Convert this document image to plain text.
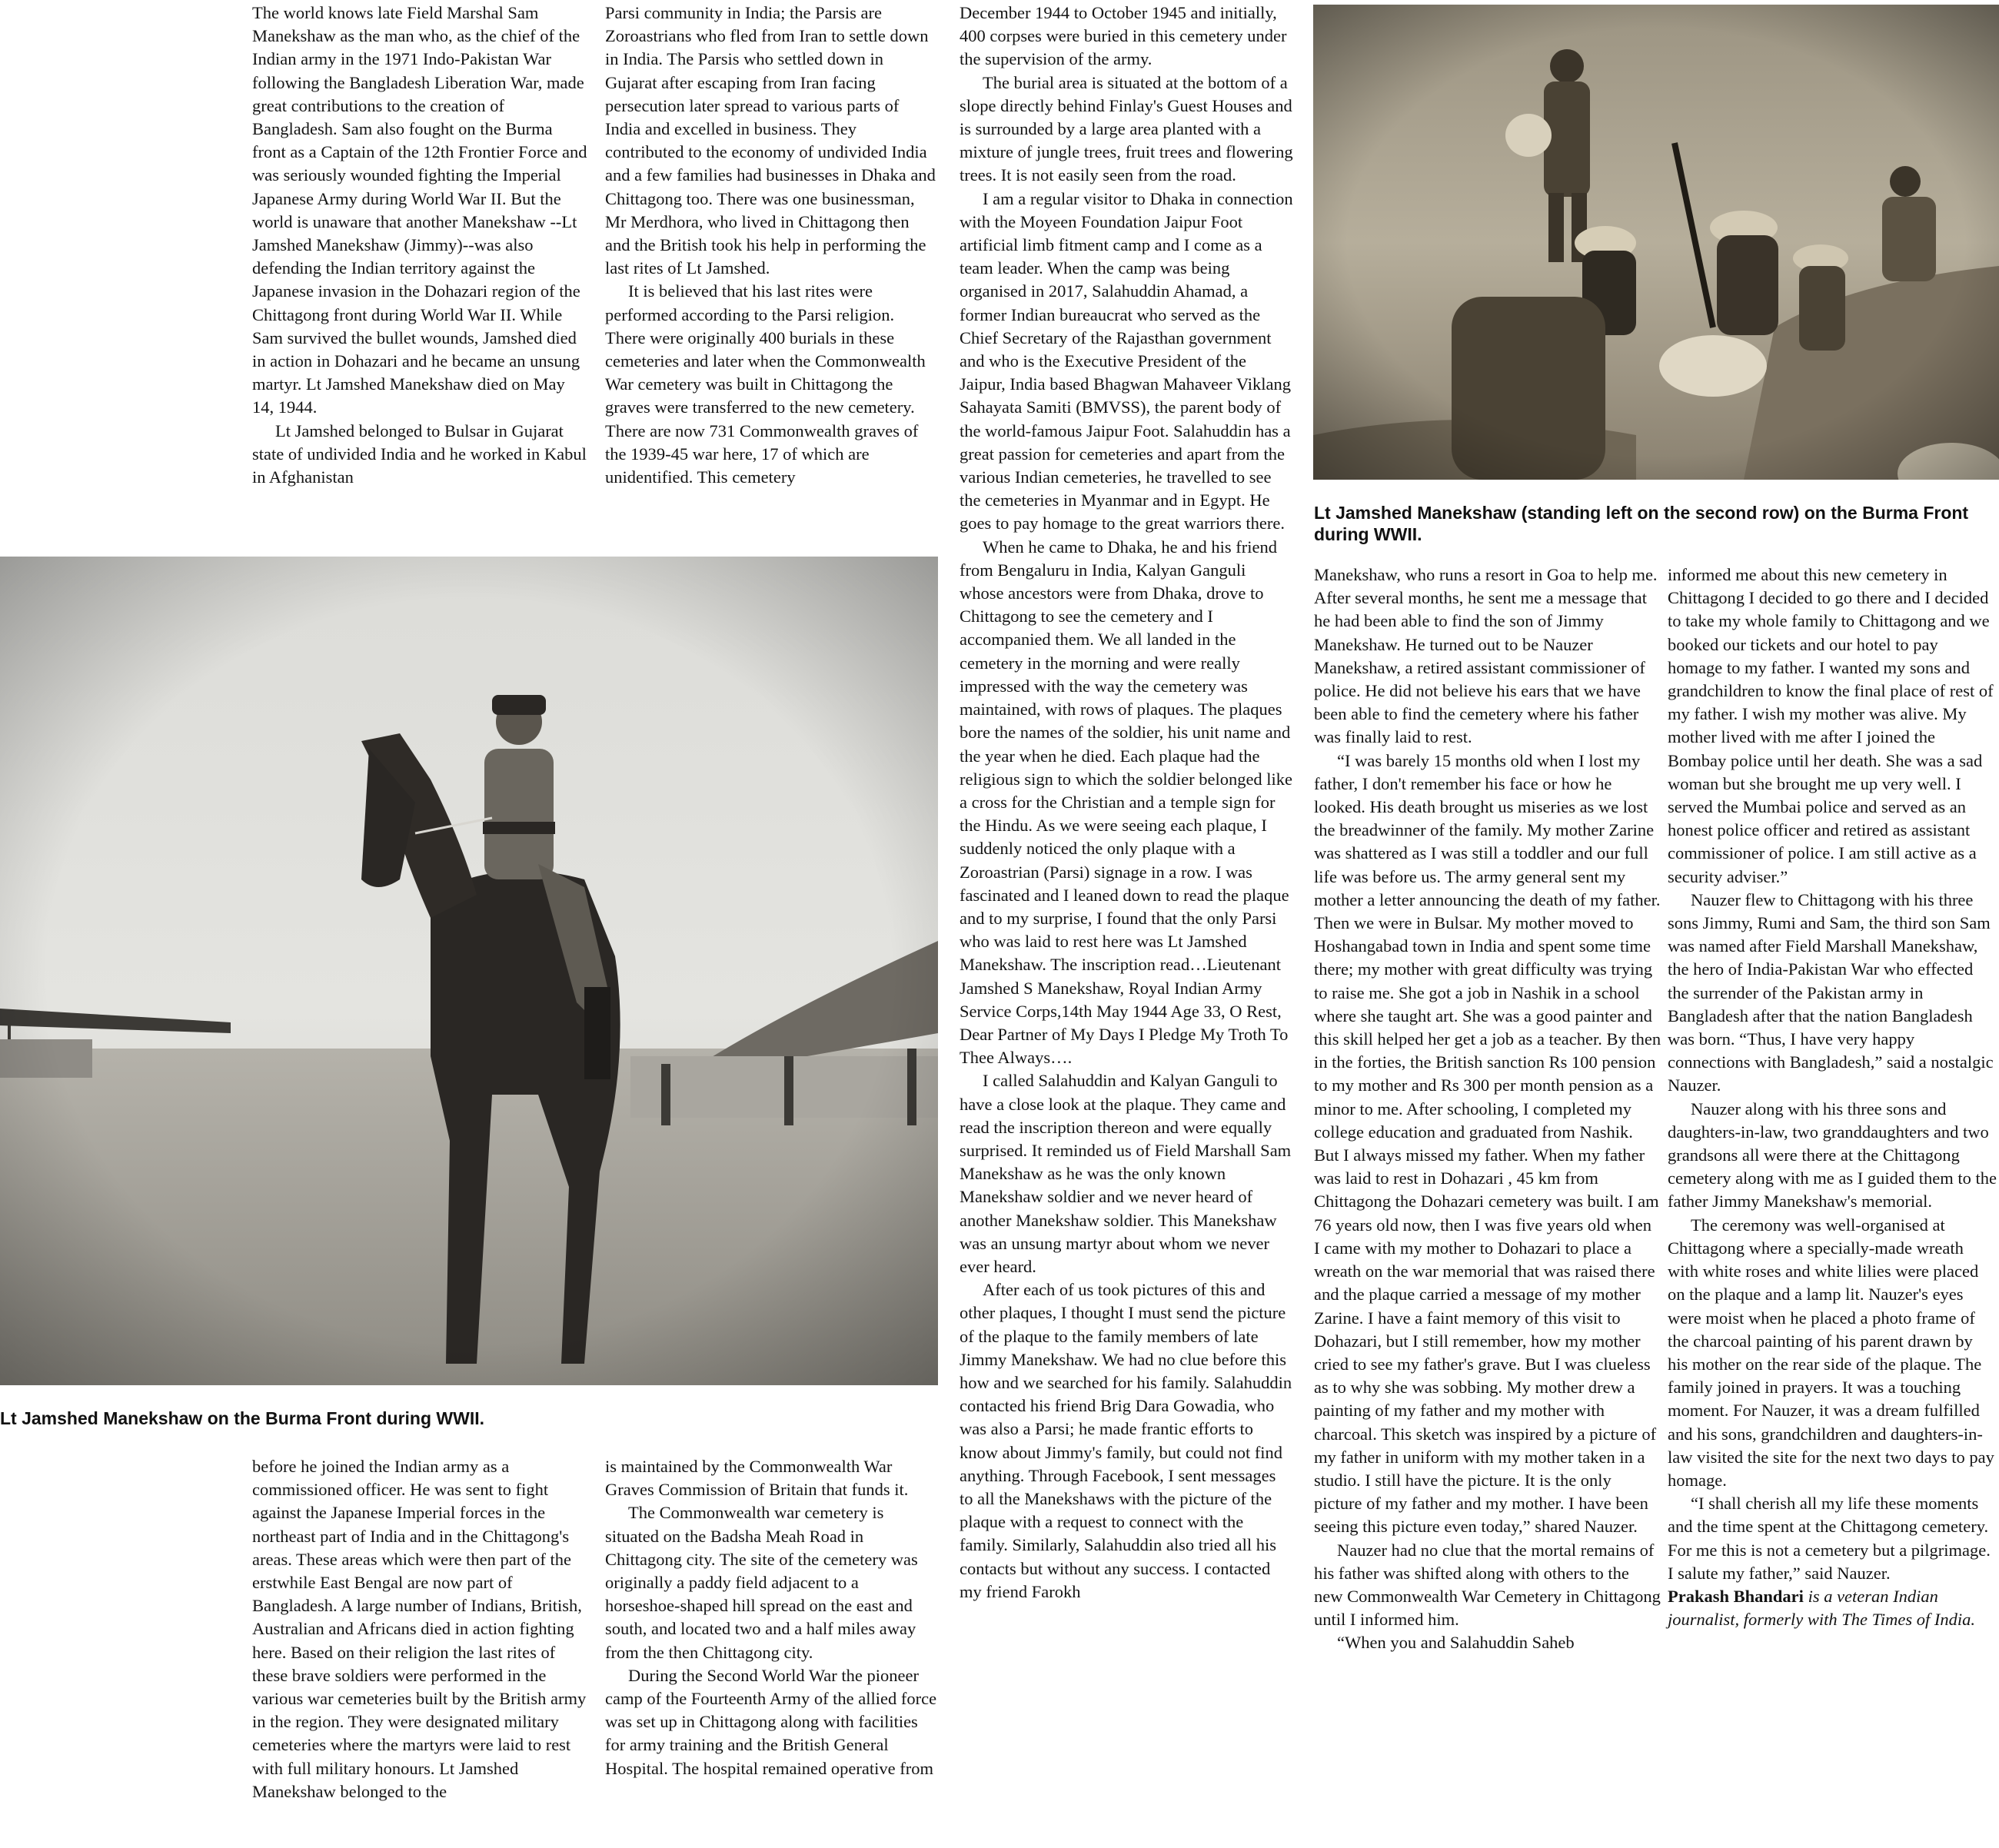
The world knows late Field Marshal Sam Manekshaw as the man who, as the chief of the Indian army in the 1971 Indo-Pakistan War following the Bangladesh Liberation War, made great contributions to the creation of Bangladesh. Sam also fought on the Burma front as a Captain of the 12th Frontier Force and was seriously wounded fighting the Imperial Japanese Army during World War II. But the world is unaware that another Manekshaw --Lt Jamshed Manekshaw (Jimmy)--was also defending the Indian territory against the Japanese invasion in the Dohazari region of the Chittagong front during World War II. While Sam survived the bullet wounds, Jamshed died in action in Dohazari and he became an unsung martyr. Lt Jamshed Manekshaw died on May 14, 1944.

Lt Jamshed belonged to Bulsar in Gujarat state of undivided India and he worked in Kabul in Afghanistan

Parsi community in India; the Parsis are Zoroastrians who fled from Iran to settle down in India. The Parsis who settled down in Gujarat after escaping from Iran facing persecution later spread to various parts of India and excelled in business. They contributed to the economy of undivided India and a few families had businesses in Dhaka and Chittagong too. There was one businessman, Mr Merdhora, who lived in Chittagong then and the British took his help in performing the last rites of Lt Jamshed.

It is believed that his last rites were performed according to the Parsi religion. There were originally 400 burials in these cemeteries and later when the Commonwealth War cemetery was built in Chittagong the graves were transferred to the new cemetery. There are now 731 Commonwealth graves of the 1939-45 war here, 17 of which are unidentified. This cemetery

December 1944 to October 1945 and initially, 400 corpses were buried in this cemetery under the supervision of the army.

The burial area is situated at the bottom of a slope directly behind Finlay's Guest Houses and is surrounded by a large area planted with a mixture of jungle trees, fruit trees and flowering trees. It is not easily seen from the road.

I am a regular visitor to Dhaka in connection with the Moyeen Foundation Jaipur Foot artificial limb fitment camp and I come as a team leader. When the camp was being organised in 2017, Salahuddin Ahamad, a former Indian bureaucrat who served as the Chief Secretary of the Rajasthan government and who is the Executive President of the Jaipur, India based Bhagwan Mahaveer Viklang Sahayata Samiti (BMVSS), the parent body of the world-famous Jaipur Foot. Salahuddin has a great passion for cemeteries and apart from the various Indian cemeteries, he travelled to see the cemeteries in Myanmar and in Egypt. He goes to pay homage to the great warriors there.

When he came to Dhaka, he and his friend from Bengaluru in India, Kalyan Ganguli whose ancestors were from Dhaka, drove to Chittagong to see the cemetery and I accompanied them. We all landed in the cemetery in the morning and were really impressed with the way the cemetery was maintained, with rows of plaques. The plaques bore the names of the soldier, his unit name and the year when he died. Each plaque had the religious sign to which the soldier belonged like a cross for the Christian and a temple sign for the Hindu. As we were seeing each plaque, I suddenly noticed the only plaque with a Zoroastrian (Parsi) signage in a row. I was fascinated and I leaned down to read the plaque and to my surprise, I found that the only Parsi who was laid to rest here was Lt Jamshed Manekshaw. The inscription read…Lieutenant Jamshed S Manekshaw, Royal Indian Army Service Corps,14th May 1944 Age 33, O Rest, Dear Partner of My Days I Pledge My Troth To Thee Always….

I called Salahuddin and Kalyan Ganguli to have a close look at the plaque. They came and read the inscription thereon and were equally surprised. It reminded us of Field Marshall Sam Manekshaw as he was the only known Manekshaw soldier and we never heard of another Manekshaw soldier. This Manekshaw was an unsung martyr about whom we never ever heard.

After each of us took pictures of this and other plaques, I thought I must send the picture of the plaque to the family members of late Jimmy Manekshaw. We had no clue before this how and we searched for his family. Salahuddin contacted his friend Brig Dara Gowadia, who was also a Parsi; he made frantic efforts to know about Jimmy's family, but could not find anything. Through Facebook, I sent messages to all the Manekshaws with the picture of the plaque with a request to connect with the family. Similarly, Salahuddin also tried all his contacts but without any success. I contacted my friend Farokh

Lt Jamshed Manekshaw (standing left on the second row) on the Burma Front during WWII.
Lt Jamshed Manekshaw on the Burma Front during WWII.

before he joined the Indian army as a commissioned officer. He was sent to fight against the Japanese Imperial forces in the northeast part of India and in the Chittagong's areas. These areas which were then part of the erstwhile East Bengal are now part of Bangladesh. A large number of Indians, British, Australian and Africans died in action fighting here. Based on their religion the last rites of these brave soldiers were performed in the various war cemeteries built by the British army in the region. They were designated military cemeteries where the martyrs were laid to rest with full military honours. Lt Jamshed Manekshaw belonged to the

is maintained by the Commonwealth War Graves Commission of Britain that funds it.

The Commonwealth war cemetery is situated on the Badsha Meah Road in Chittagong city. The site of the cemetery was originally a paddy field adjacent to a horseshoe-shaped hill spread on the east and south, and located two and a half miles away from the then Chittagong city.

During the Second World War the pioneer camp of the Fourteenth Army of the allied force was set up in Chittagong along with facilities for army training and the British General Hospital. The hospital remained operative from

Manekshaw, who runs a resort in Goa to help me. After several months, he sent me a message that he had been able to find the son of Jimmy Manekshaw. He turned out to be Nauzer Manekshaw, a retired assistant commissioner of police. He did not believe his ears that we have been able to find the cemetery where his father was finally laid to rest.

“I was barely 15 months old when I lost my father, I don't remember his face or how he looked. His death brought us miseries as we lost the breadwinner of the family. My mother Zarine was shattered as I was still a toddler and our full life was before us. The army general sent my mother a letter announcing the death of my father. Then we were in Bulsar. My mother moved to Hoshangabad town in India and spent some time there; my mother with great difficulty was trying to raise me. She got a job in Nashik in a school where she taught art. She was a good painter and this skill helped her get a job as a teacher. By then in the forties, the British sanction Rs 100 pension to my mother and Rs 300 per month pension as a minor to me. After schooling, I completed my college education and graduated from Nashik. But I always missed my father. When my father was laid to rest in Dohazari , 45 km from Chittagong the Dohazari cemetery was built. I am 76 years old now, then I was five years old when I came with my mother to Dohazari to place a wreath on the war memorial that was raised there and the plaque carried a message of my mother Zarine. I have a faint memory of this visit to Dohazari, but I still remember, how my mother cried to see my father's grave. But I was clueless as to why she was sobbing. My mother drew a painting of my father and my mother with charcoal. This sketch was inspired by a picture of my father in uniform with my mother taken in a studio. I still have the picture. It is the only picture of my father and my mother. I have been seeing this picture even today,” shared Nauzer.

Nauzer had no clue that the mortal remains of his father was shifted along with others to the new Commonwealth War Cemetery in Chittagong until I informed him.

“When you and Salahuddin Saheb

informed me about this new cemetery in Chittagong I decided to go there and I decided to take my whole family to Chittagong and we booked our tickets and our hotel to pay homage to my father. I wanted my sons and grandchildren to know the final place of rest of my father. I wish my mother was alive. My mother lived with me after I joined the Bombay police until her death. She was a sad woman but she brought me up very well. I served the Mumbai police and served as an honest police officer and retired as assistant commissioner of police. I am still active as a security adviser.”

Nauzer flew to Chittagong with his three sons Jimmy, Rumi and Sam, the third son Sam was named after Field Marshall Manekshaw, the hero of India-Pakistan War who effected the surrender of the Pakistan army in Bangladesh after that the nation Bangladesh was born. “Thus, I have very happy connections with Bangladesh,” said a nostalgic Nauzer.

Nauzer along with his three sons and daughters-in-law, two granddaughters and two grandsons all were there at the Chittagong cemetery along with me as I guided them to the father Jimmy Manekshaw's memorial.

The ceremony was well-organised at Chittagong where a specially-made wreath with white roses and white lilies were placed on the plaque and a lamp lit. Nauzer's eyes were moist when he placed a photo frame of the charcoal painting of his parent drawn by his mother on the rear side of the plaque. The family joined in prayers. It was a touching moment. For Nauzer, it was a dream fulfilled and his sons, grandchildren and daughters-in-law visited the site for the next two days to pay homage.

“I shall cherish all my life these moments and the time spent at the Chittagong cemetery. For me this is not a cemetery but a pilgrimage. I salute my father,” said Nauzer.

Prakash Bhandari is a veteran Indian journalist, formerly with The Times of India.
